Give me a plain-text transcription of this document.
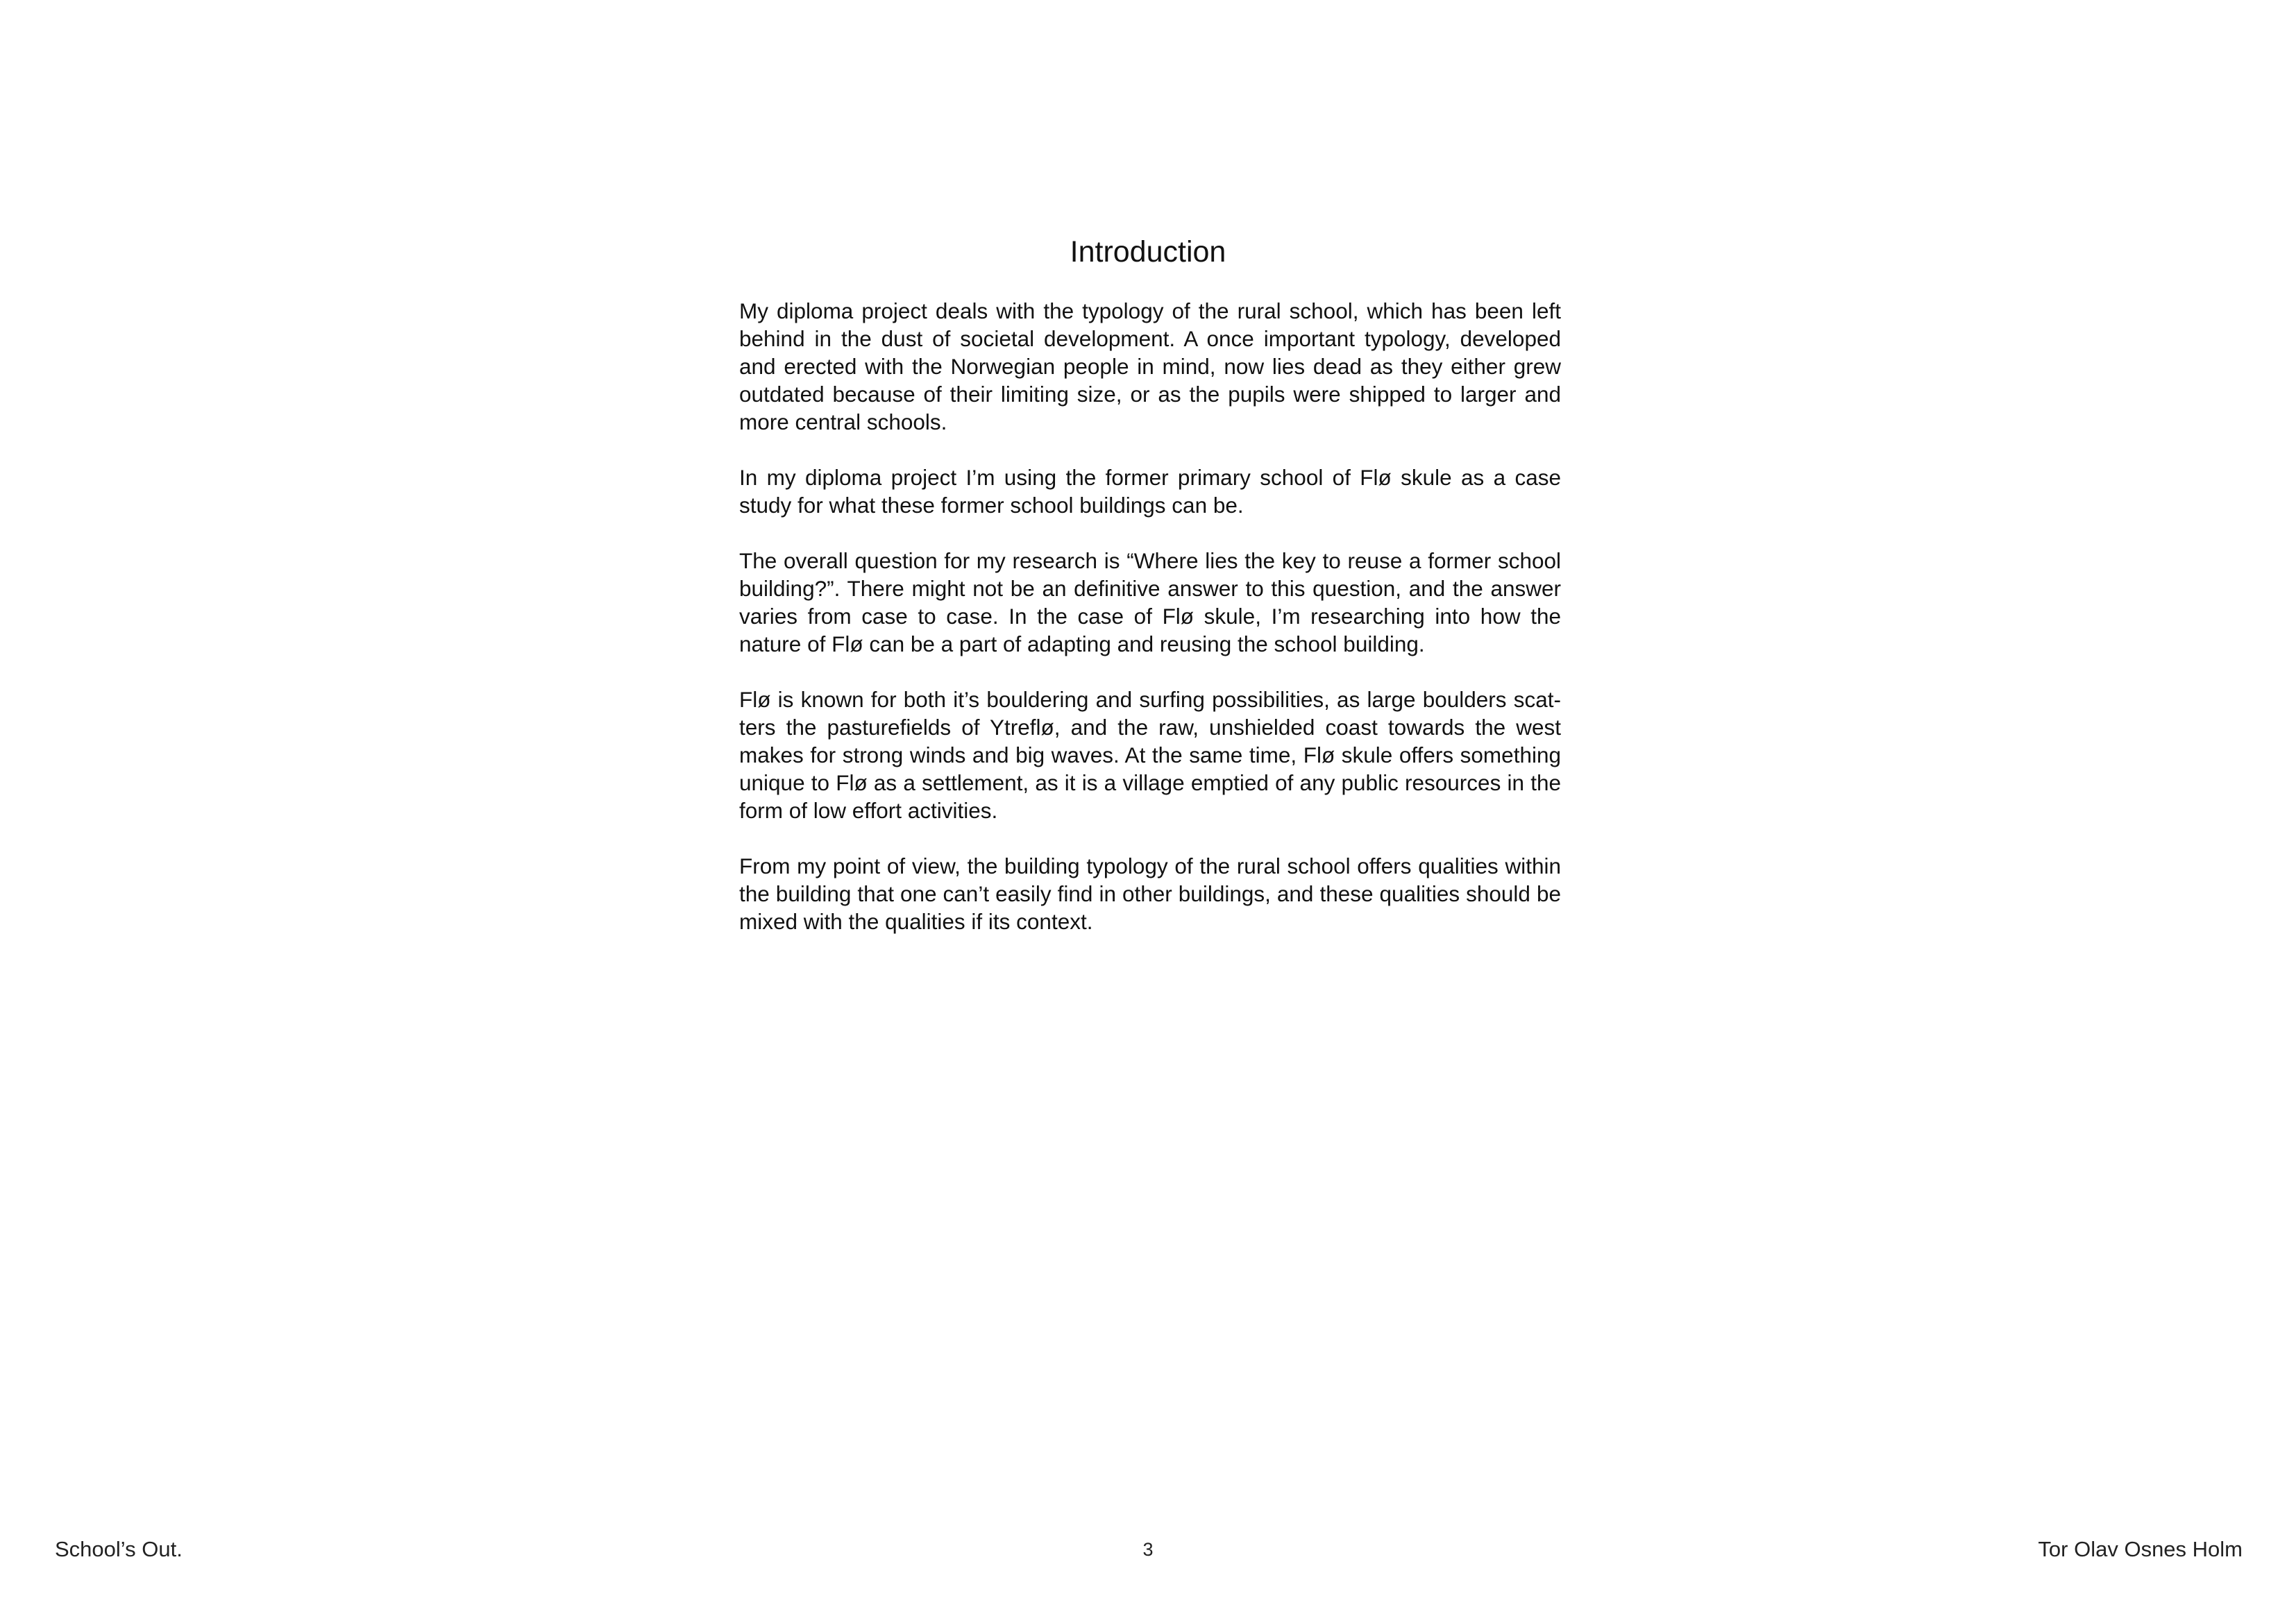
Introduction

My diploma project deals with the typology of the rural school, which has been left behind in the dust of societal development. A once important typology, developed and erected with the Norwegian people in mind, now lies dead as they either grew outdated because of their limiting size, or as the pupils were shipped to larger and more central schools.

In my diploma project I’m using the former primary school of Flø skule as a case study for what these former school buildings can be.

The overall question for my research is “Where lies the key to reuse a former school building?”. There might not be an definitive answer to this question, and the answer varies from case to case. In the case of Flø skule, I’m researching into how the nature of Flø can be a part of adapting and reusing the school building.

Flø is known for both it’s bouldering and surfing possibilities, as large boulders scatters the pasturefields of Ytreflø, and the raw, unshielded coast towards the west makes for strong winds and big waves. At the same time, Flø skule offers something unique to Flø as a settlement, as it is a village emptied of any public resources in the form of low effort activities.

From my point of view, the building typology of the rural school offers qualities within the building that one can’t easily find in other buildings, and these qualities should be mixed with the qualities if its context.

School’s Out.	3	Tor Olav Osnes Holm
